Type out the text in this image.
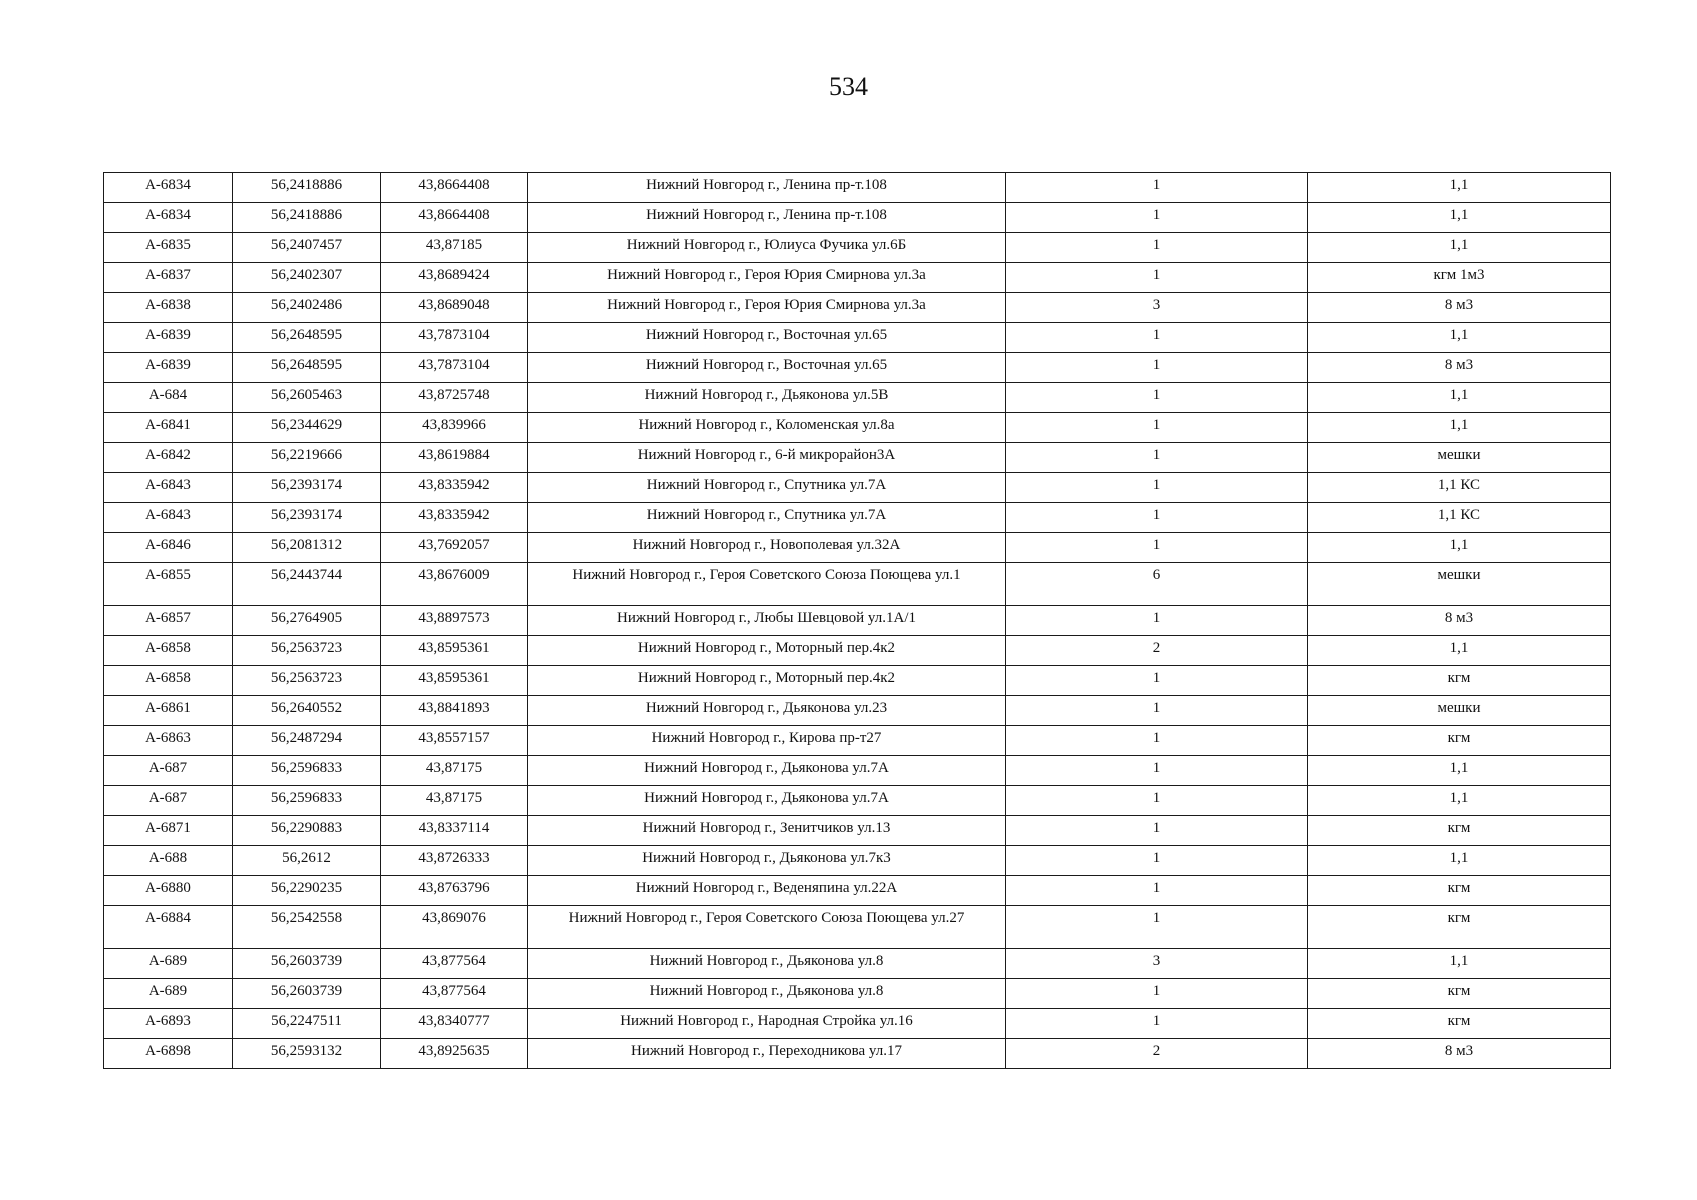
534
А-6834	56,2418886	43,8664408	Нижний Новгород г., Ленина пр-т.108	1	1,1
А-6834	56,2418886	43,8664408	Нижний Новгород г., Ленина пр-т.108	1	1,1
А-6835	56,2407457	43,87185	Нижний Новгород г., Юлиуса Фучика ул.6Б	1	1,1
А-6837	56,2402307	43,8689424	Нижний Новгород г., Героя Юрия Смирнова ул.3а	1	кгм 1м3
А-6838	56,2402486	43,8689048	Нижний Новгород г., Героя Юрия Смирнова ул.3а	3	8 м3
А-6839	56,2648595	43,7873104	Нижний Новгород г., Восточная ул.65	1	1,1
А-6839	56,2648595	43,7873104	Нижний Новгород г., Восточная ул.65	1	8 м3
А-684	56,2605463	43,8725748	Нижний Новгород г., Дьяконова ул.5В	1	1,1
А-6841	56,2344629	43,839966	Нижний Новгород г., Коломенская ул.8а	1	1,1
А-6842	56,2219666	43,8619884	Нижний Новгород г., 6-й микрорайон3А	1	мешки
А-6843	56,2393174	43,8335942	Нижний Новгород г., Спутника ул.7А	1	1,1 КС
А-6843	56,2393174	43,8335942	Нижний Новгород г., Спутника ул.7А	1	1,1 КС
А-6846	56,2081312	43,7692057	Нижний Новгород г., Новополевая ул.32А	1	1,1
А-6855	56,2443744	43,8676009	Нижний Новгород г., Героя Советского Союза Поющева ул.1	6	мешки
А-6857	56,2764905	43,8897573	Нижний Новгород г., Любы Шевцовой ул.1А/1	1	8 м3
А-6858	56,2563723	43,8595361	Нижний Новгород г., Моторный пер.4к2	2	1,1
А-6858	56,2563723	43,8595361	Нижний Новгород г., Моторный пер.4к2	1	кгм
А-6861	56,2640552	43,8841893	Нижний Новгород г., Дьяконова ул.23	1	мешки
А-6863	56,2487294	43,8557157	Нижний Новгород г., Кирова пр-т27	1	кгм
А-687	56,2596833	43,87175	Нижний Новгород г., Дьяконова ул.7А	1	1,1
А-687	56,2596833	43,87175	Нижний Новгород г., Дьяконова ул.7А	1	1,1
А-6871	56,2290883	43,8337114	Нижний Новгород г., Зенитчиков ул.13	1	кгм
А-688	56,2612	43,8726333	Нижний Новгород г., Дьяконова ул.7к3	1	1,1
А-6880	56,2290235	43,8763796	Нижний Новгород г., Веденяпина ул.22А	1	кгм
А-6884	56,2542558	43,869076	Нижний Новгород г., Героя Советского Союза Поющева ул.27	1	кгм
А-689	56,2603739	43,877564	Нижний Новгород г., Дьяконова ул.8	3	1,1
А-689	56,2603739	43,877564	Нижний Новгород г., Дьяконова ул.8	1	кгм
А-6893	56,2247511	43,8340777	Нижний Новгород г., Народная Стройка ул.16	1	кгм
А-6898	56,2593132	43,8925635	Нижний Новгород г., Переходникова ул.17	2	8 м3
